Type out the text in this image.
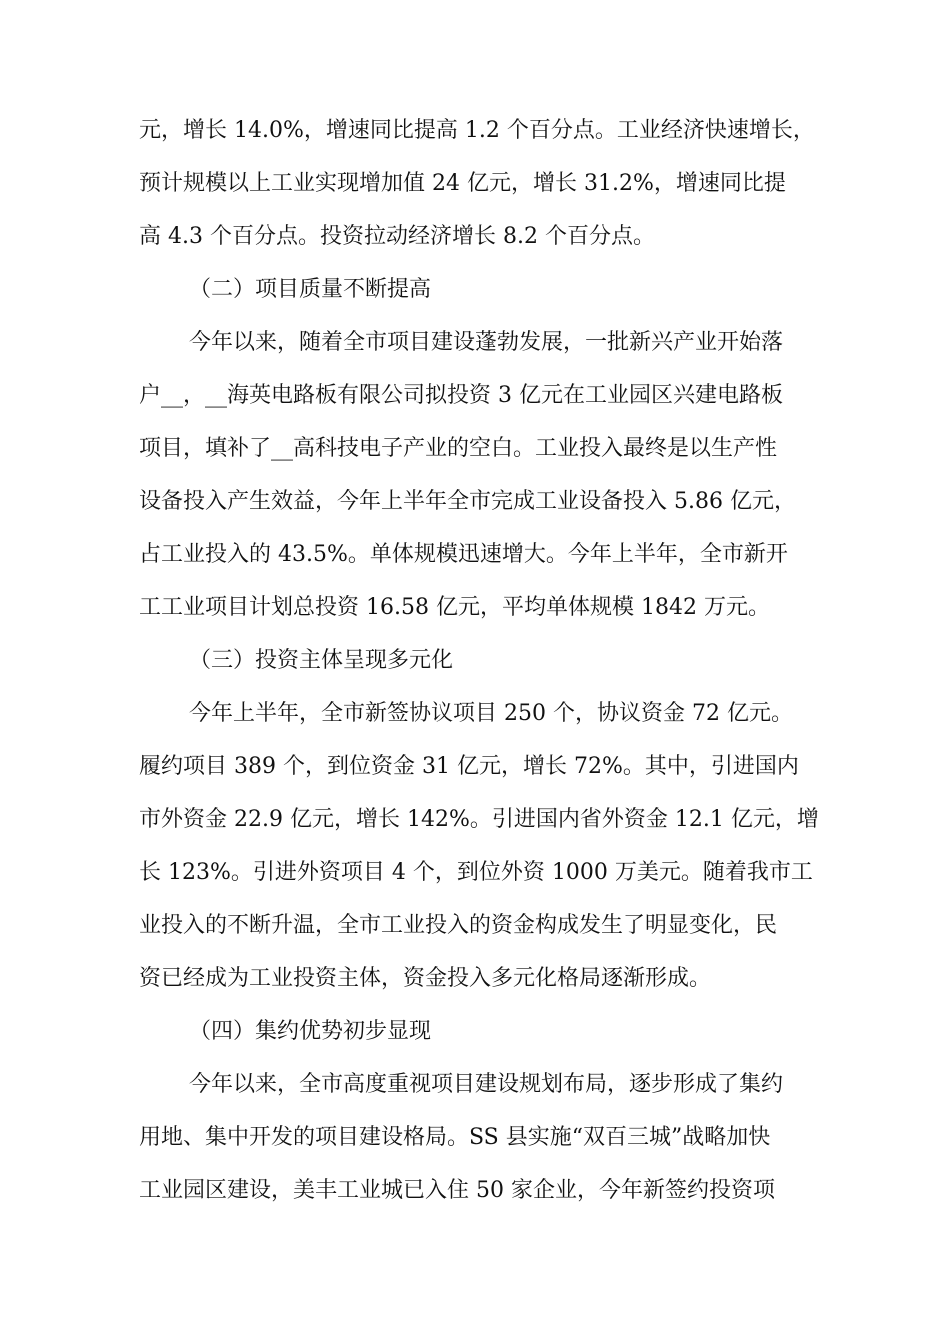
元，增长 14.0%，增速同比提高 1.2 个百分点。工业经济快速增长，
预计规模以上工业实现增加值 24 亿元，增长 31.2%，增速同比提
高 4.3 个百分点。投资拉动经济增长 8.2 个百分点。
（二）项目质量不断提高
今年以来，随着全市项目建设蓬勃发展，一批新兴产业开始落
户__，__海英电路板有限公司拟投资 3 亿元在工业园区兴建电路板
项目，填补了__高科技电子产业的空白。工业投入最终是以生产性
设备投入产生效益，今年上半年全市完成工业设备投入 5.86 亿元，
占工业投入的 43.5%。单体规模迅速增大。今年上半年，全市新开
工工业项目计划总投资 16.58 亿元，平均单体规模 1842 万元。
（三）投资主体呈现多元化
今年上半年，全市新签协议项目 250 个，协议资金 72 亿元。
履约项目 389 个，到位资金 31 亿元，增长 72%。其中，引进国内
市外资金 22.9 亿元，增长 142%。引进国内省外资金 12.1 亿元，增
长 123%。引进外资项目 4 个，到位外资 1000 万美元。随着我市工
业投入的不断升温，全市工业投入的资金构成发生了明显变化，民
资已经成为工业投资主体，资金投入多元化格局逐渐形成。
（四）集约优势初步显现
今年以来，全市高度重视项目建设规划布局，逐步形成了集约
用地、集中开发的项目建设格局。SS 县实施“双百三城”战略加快
工业园区建设，美丰工业城已入住 50 家企业，今年新签约投资项
